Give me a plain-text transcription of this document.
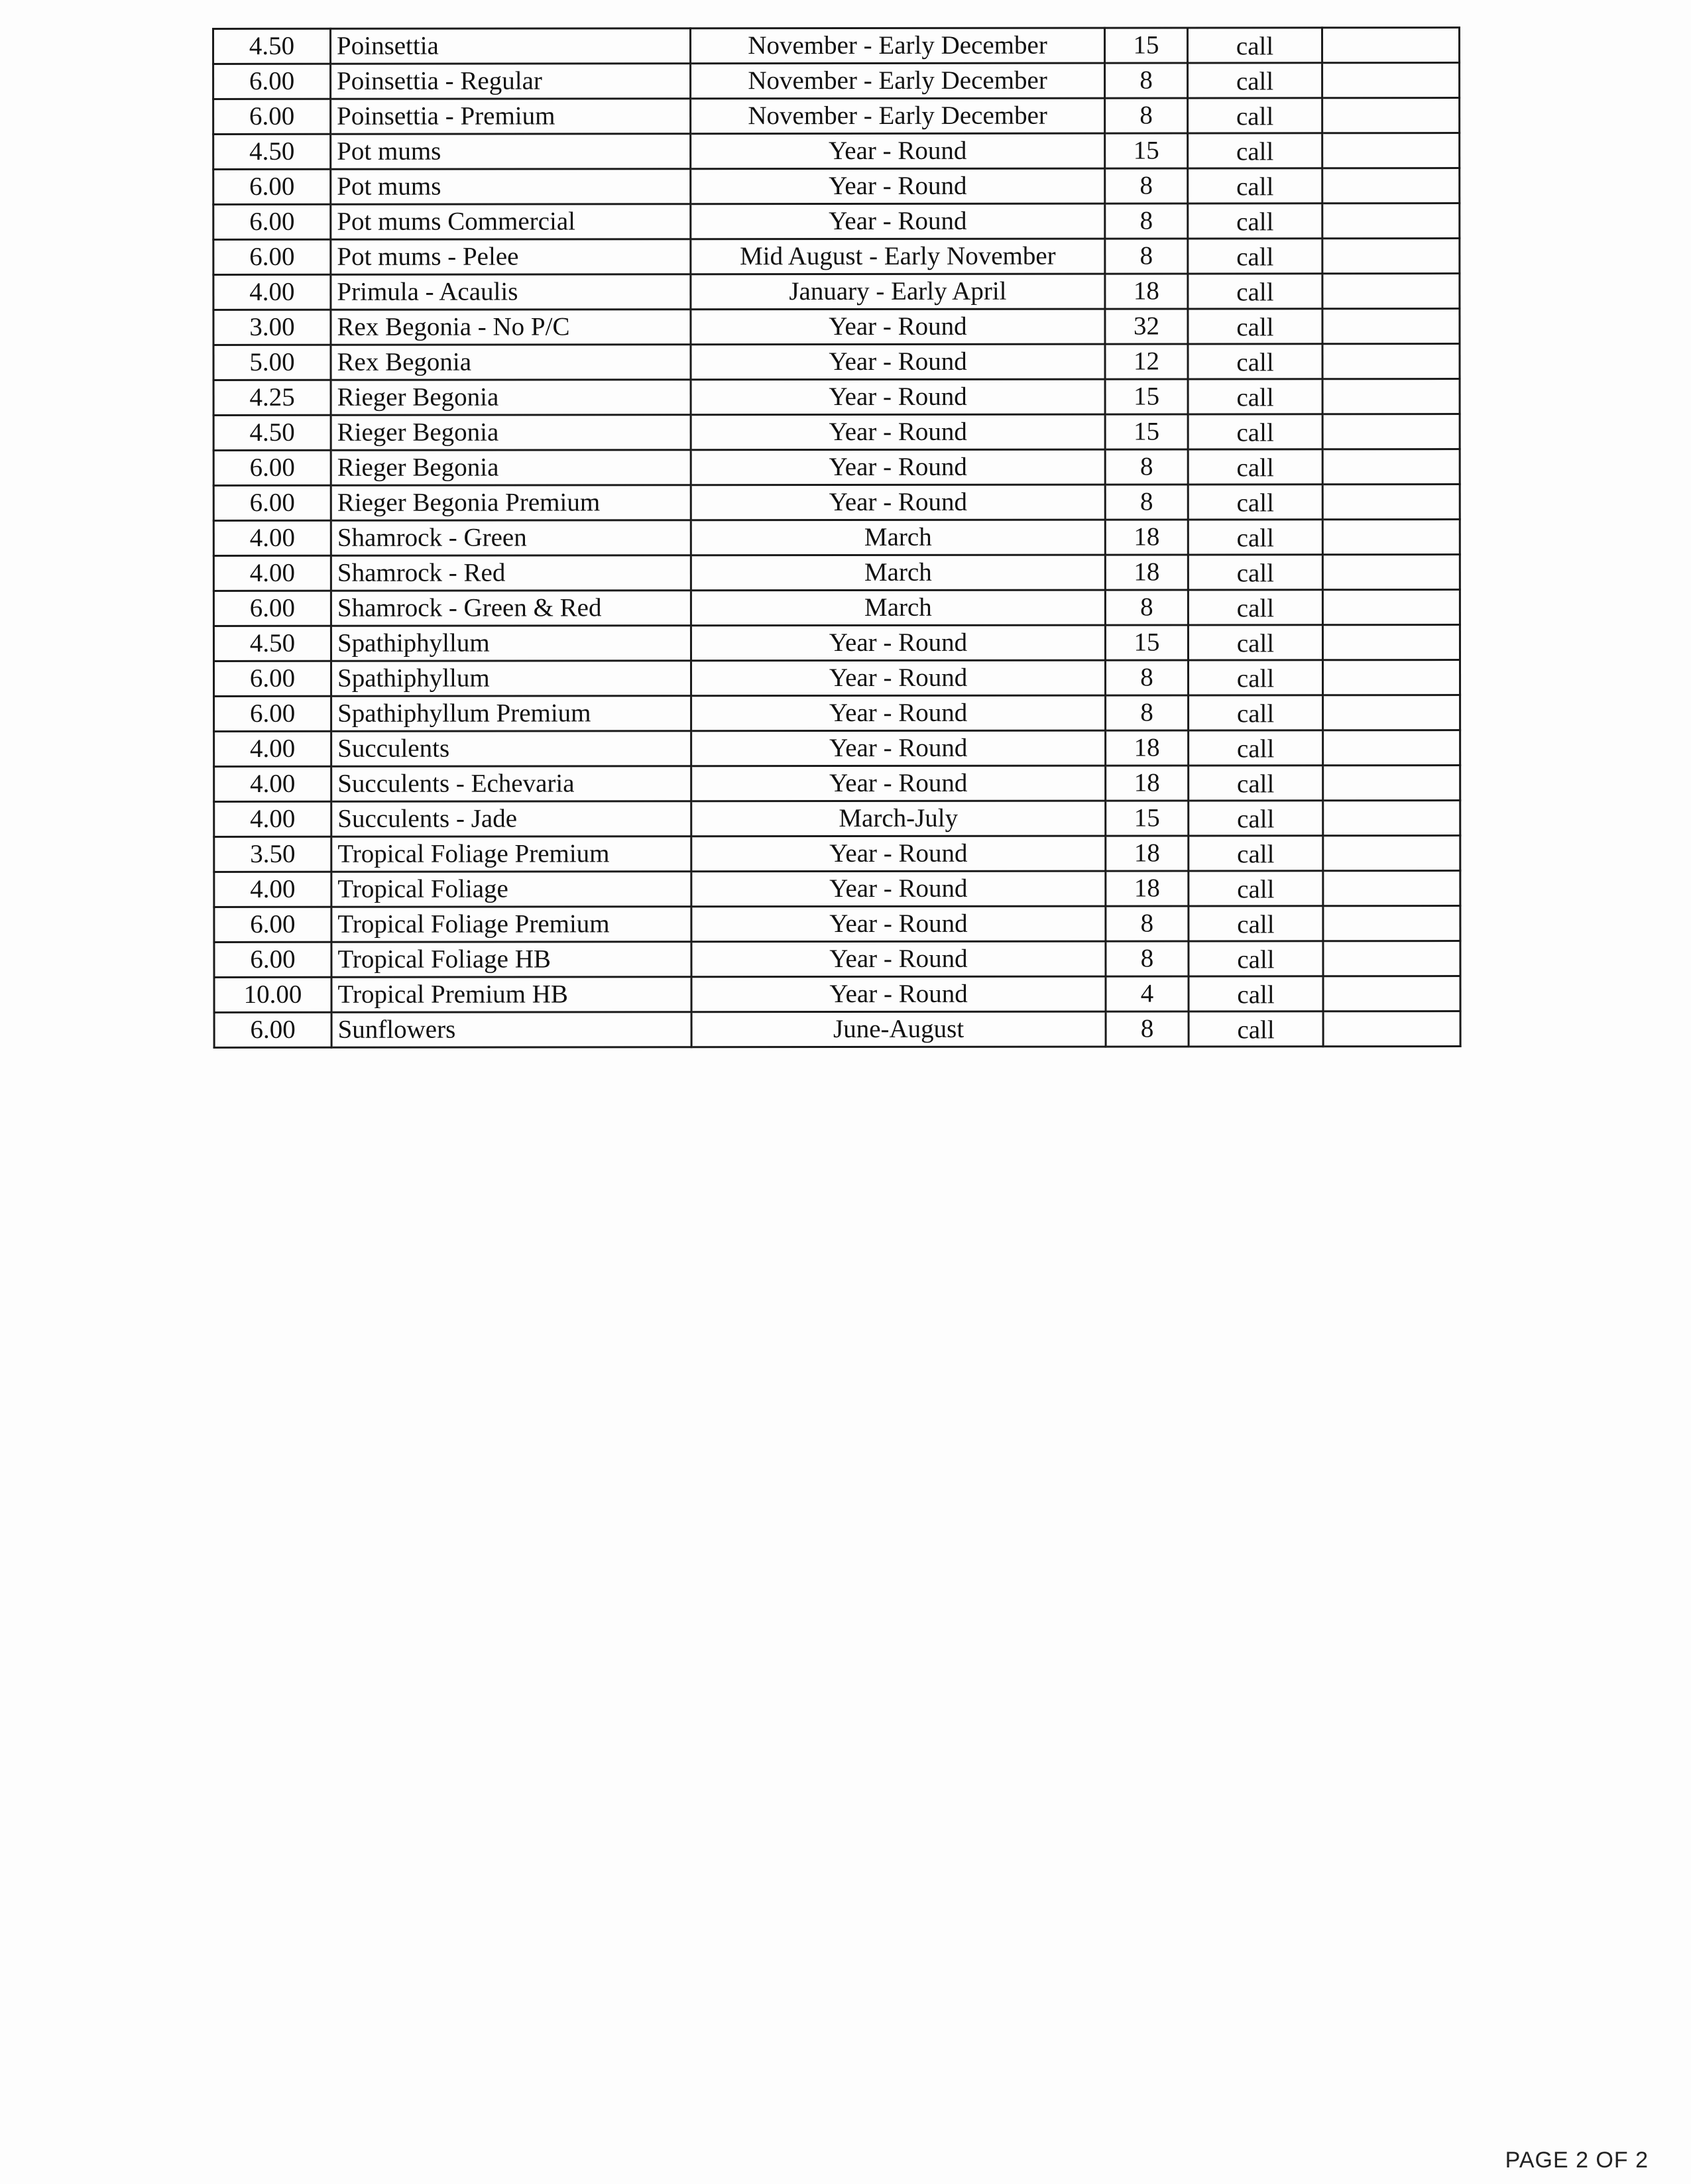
4.50	Poinsettia	November - Early December	15	call	
6.00	Poinsettia - Regular	November - Early December	8	call	
6.00	Poinsettia - Premium	November - Early December	8	call	
4.50	Pot mums	Year - Round	15	call	
6.00	Pot mums	Year - Round	8	call	
6.00	Pot mums Commercial	Year - Round	8	call	
6.00	Pot mums - Pelee	Mid August - Early November	8	call	
4.00	Primula - Acaulis	January - Early April	18	call	
3.00	Rex Begonia - No P/C	Year - Round	32	call	
5.00	Rex Begonia	Year - Round	12	call	
4.25	Rieger Begonia	Year - Round	15	call	
4.50	Rieger Begonia	Year - Round	15	call	
6.00	Rieger Begonia	Year - Round	8	call	
6.00	Rieger Begonia Premium	Year - Round	8	call	
4.00	Shamrock - Green	March	18	call	
4.00	Shamrock - Red	March	18	call	
6.00	Shamrock - Green & Red	March	8	call	
4.50	Spathiphyllum	Year - Round	15	call	
6.00	Spathiphyllum	Year - Round	8	call	
6.00	Spathiphyllum Premium	Year - Round	8	call	
4.00	Succulents	Year - Round	18	call	
4.00	Succulents - Echevaria	Year - Round	18	call	
4.00	Succulents - Jade	March-July	15	call	
3.50	Tropical Foliage Premium	Year - Round	18	call	
4.00	Tropical Foliage	Year - Round	18	call	
6.00	Tropical Foliage Premium	Year - Round	8	call	
6.00	Tropical Foliage HB	Year - Round	8	call	
10.00	Tropical Premium HB	Year - Round	4	call	
6.00	Sunflowers	June-August	8	call	
PAGE 2 OF 2
